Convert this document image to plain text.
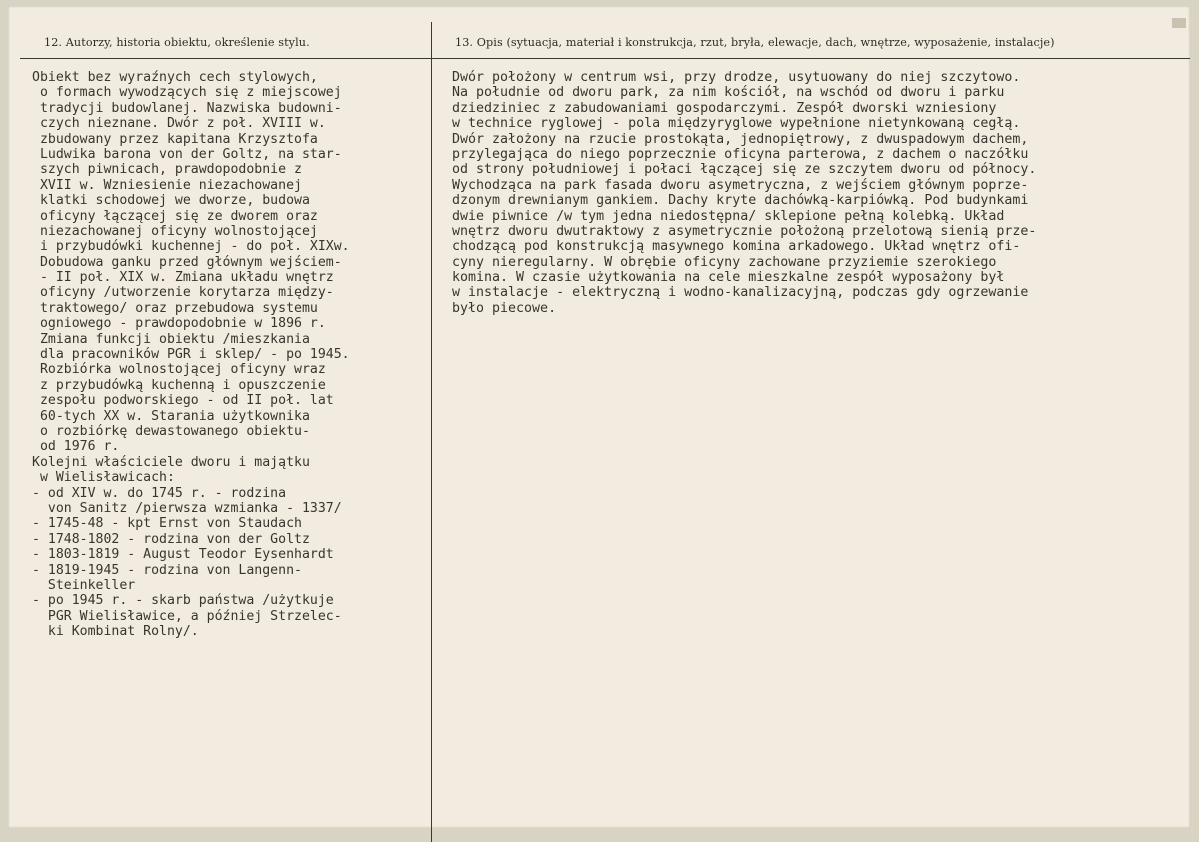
12. Autorzy, historia obiektu, określenie stylu.	13. Opis (sytuacja, materiał i konstrukcja, rzut, bryła, elewacje, dach, wnętrze, wyposażenie, instalacje)
Obiekt bez wyraźnych cech stylowych,
o formach wywodzących się z miejscowej
tradycji budowlanej. Nazwiska budowni-
czych nieznane. Dwór z poł. XVIII w.
zbudowany przez kapitana Krzysztofa
Ludwika barona von der Goltz, na star-
szych piwnicach, prawdopodobnie z
XVII w. Wzniesienie niezachowanej
klatki schodowej we dworze, budowa
oficyny łączącej się ze dworem oraz
niezachowanej oficyny wolnostojącej
i przybudówki kuchennej - do poł. XIXw.
Dobudowa ganku przed głównym wejściem-
- II poł. XIX w. Zmiana układu wnętrz
oficyny /utworzenie korytarza między-
traktowego/ oraz przebudowa systemu
ogniowego - prawdopodobnie w 1896 r.
Zmiana funkcji obiektu /mieszkania
dla pracowników PGR i sklep/ - po 1945.
Rozbiórka wolnostojącej oficyny wraz
z przybudówką kuchenną i opuszczenie
zespołu podworskiego - od II poł. lat
60-tych XX w. Starania użytkownika
o rozbiórkę dewastowanego obiektu-
od 1976 r.
Kolejni właściciele dworu i majątku
w Wielisławicach:
- od XIV w. do 1745 r. - rodzina
von Sanitz /pierwsza wzmianka - 1337/
- 1745-48 - kpt Ernst von Staudach
- 1748-1802 - rodzina von der Goltz
- 1803-1819 - August Teodor Eysenhardt
- 1819-1945 - rodzina von Langenn-
Steinkeller
- po 1945 r. - skarb państwa /użytkuje
PGR Wielisławice, a później Strzelec-
ki Kombinat Rolny/.
Dwór położony w centrum wsi, przy drodze, usytuowany do niej szczytowo.
Na południe od dworu park, za nim kościół, na wschód od dworu i parku
dziedziniec z zabudowaniami gospodarczymi. Zespół dworski wzniesiony
w technice ryglowej - pola międzyryglowe wypełnione nietynkowaną cegłą.
Dwór założony na rzucie prostokąta, jednopiętrowy, z dwuspadowym dachem,
przylegająca do niego poprzecznie oficyna parterowa, z dachem o naczółku
od strony południowej i połaci łączącej się ze szczytem dworu od północy.
Wychodząca na park fasada dworu asymetryczna, z wejściem głównym poprze-
dzonym drewnianym gankiem. Dachy kryte dachówką-karpiówką. Pod budynkami
dwie piwnice /w tym jedna niedostępna/ sklepione pełną kolebką. Układ
wnętrz dworu dwutraktowy z asymetrycznie położoną przelotową sienią prze-
chodzącą pod konstrukcją masywnego komina arkadowego. Układ wnętrz ofi-
cyny nieregularny. W obrębie oficyny zachowane przyziemie szerokiego
komina. W czasie użytkowania na cele mieszkalne zespół wyposażony był
w instalacje - elektryczną i wodno-kanalizacyjną, podczas gdy ogrzewanie
było piecowe.
